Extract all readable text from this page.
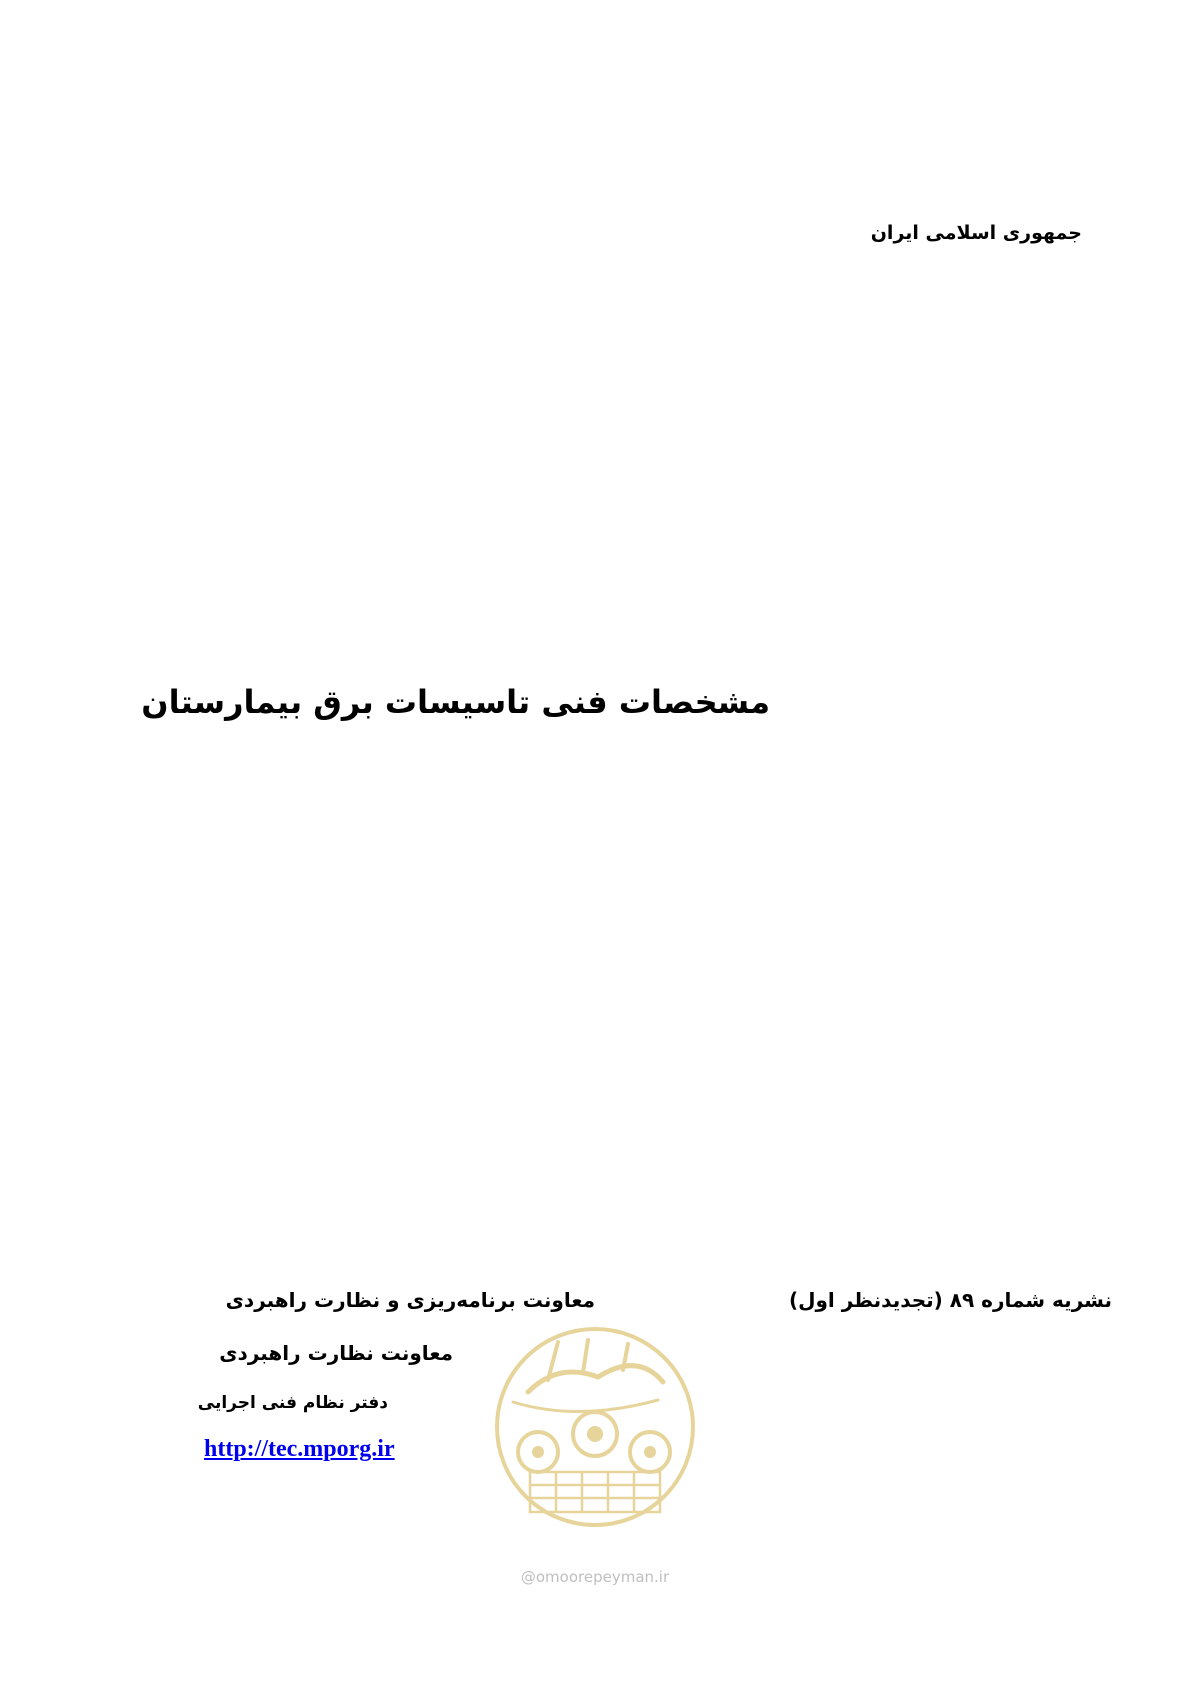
جمهوری اسلامی ایران
مشخصات فنی تاسیسات برق بیمارستان
نشریه شماره ۸۹ (تجدیدنظر اول)
معاونت برنامه‌ریزی و نظارت راهبردی
معاونت نظارت راهبردی
دفتر نظام فنی اجرایی
http://tec.mporg.ir
@omoorepeyman.ir
